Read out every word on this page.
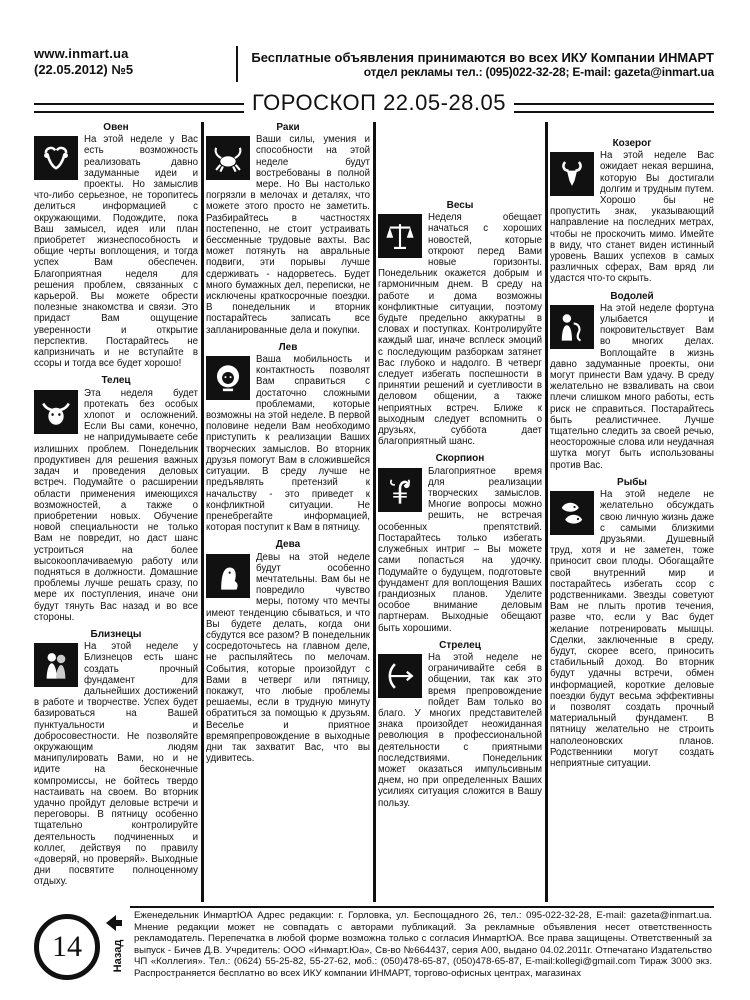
www.inmart.ua
(22.05.2012) №5
Бесплатные объявления принимаются во всех ИКУ Компании ИНМАРТ
отдел рекламы тел.: (095)022-32-28; E-mail: gazeta@inmart.ua
ГОРОСКОП 22.05-28.05
Овен
На этой неделе у Вас есть возможность реализовать давно задуманные идеи и проекты. Но замыслив что-либо серьезное, не торопитесь делиться информацией с окружающими. Подождите, пока Ваш замысел, идея или план приобретет жизнеспособность и общие черты воплощения, и тогда успех Вам обеспечен. Благоприятная неделя для решения проблем, связанных с карьерой. Вы можете обрести полезные знакомства и связи. Это придаст Вам ощущение уверенности и открытие перспектив. Постарайтесь не капризничать и не вступайте в ссоры и тогда все будет хорошо!
Телец
Эта неделя будет протекать без особых хлопот и осложнений. Если Вы сами, конечно, не напридумываете себе излишних проблем. Понедельник продуктивен для решения важных задач и проведения деловых встреч. Подумайте о расширении области применения имеющихся возможностей, а также о приобретении новых. Обучение новой специальности не только Вам не повредит, но даст шанс устроиться на более высокооплачиваемую работу или подняться в должности. Домашние проблемы лучше решать сразу, по мере их поступления, иначе они будут тянуть Вас назад и во все стороны.
Близнецы
На этой неделе у Близнецов есть шанс создать прочный фундамент для дальнейших достижений в работе и творчестве. Успех будет базироваться на Вашей пунктуальности и добросовестности. Не позволяйте окружающим людям манипулировать Вами, но и не идите на бесконечные компромиссы, не бойтесь твердо настаивать на своем. Во вторник удачно пройдут деловые встречи и переговоры. В пятницу особенно тщательно контролируйте деятельность подчиненных и коллег, действуя по правилу «доверяй, но проверяй». Выходные дни посвятите полноценному отдыху.
Раки
Ваши силы, умения и способности на этой неделе будут востребованы в полной мере. Но Вы настолько погрязли в мелочах и деталях, что можете этого просто не заметить. Разбирайтесь в частностях постепенно, не стоит устраивать бессменные трудовые вахты. Вас может потянуть на авральные подвиги, эти порывы лучше сдерживать - надорветесь. Будет много бумажных дел, переписки, не исключены краткосрочные поездки. В понедельник и вторник постарайтесь записать все запланированные дела и покупки.
Лев
Ваша мобильность и контактность позволят Вам справиться с достаточно сложными проблемами, которые возможны на этой неделе. В первой половине недели Вам необходимо приступить к реализации Ваших творческих замыслов. Во вторник друзья помогут Вам в сложившейся ситуации. В среду лучше не предъявлять претензий к начальству - это приведет к конфликтной ситуации. Не пренебрегайте информацией, которая поступит к Вам в пятницу.
Дева
Девы на этой неделе будут особенно мечтательны. Вам бы не повредило чувство меры, потому что мечты имеют тенденцию сбываться, и что Вы будете делать, когда они сбудутся все разом? В понедельник сосредоточьтесь на главном деле, не распыляйтесь по мелочам. События, которые произойдут с Вами в четверг или пятницу, покажут, что любые проблемы решаемы, если в трудную минуту обратиться за помощью к друзьям. Веселье и приятное времяпрепровождение в выходные дни так захватит Вас, что вы удивитесь.
Весы
Неделя обещает начаться с хороших новостей, которые откроют перед Вами новые горизонты. Понедельник окажется добрым и гармоничным днем. В среду на работе и дома возможны конфликтные ситуации, поэтому будьте предельно аккуратны в словах и поступках. Контролируйте каждый шаг, иначе всплеск эмоций с последующим разборкам затянет Вас глубоко и надолго. В четверг следует избегать поспешности в принятии решений и суетливости в деловом общении, а также неприятных встреч. Ближе к выходным следует вспомнить о друзьях, суббота дает благоприятный шанс.
Скорпион
Благоприятное время для реализации творческих замыслов. Многие вопросы можно решить, не встречая особенных препятствий. Постарайтесь только избегать служебных интриг – Вы можете сами попасться на удочку. Подумайте о будущем, подготовьте фундамент для воплощения Ваших грандиозных планов. Уделите особое внимание деловым партнерам. Выходные обещают быть хорошими.
Стрелец
На этой неделе не ограничивайте себя в общении, так как это время препровождение пойдет Вам только во благо. У многих представителей знака произойдет неожиданная революция в профессиональной деятельности с приятными последствиями. Понедельник может оказаться импульсивным днем, но при определенных Ваших усилиях ситуация сложится в Вашу пользу.
Козерог
На этой неделе Вас ожидает некая вершина, которую Вы достигали долгим и трудным путем. Хорошо бы не пропустить знак, указывающий направление на последних метрах, чтобы не проскочить мимо. Имейте в виду, что станет виден истинный уровень Ваших успехов в самых различных сферах, Вам вряд ли удастся что-то скрыть.
Водолей
На этой неделе фортуна улыбается и покровительствует Вам во многих делах. Воплощайте в жизнь давно задуманные проекты, они могут принести Вам удачу. В среду желательно не взваливать на свои плечи слишком много работы, есть риск не справиться. Постарайтесь быть реалистичнее. Лучше тщательно следить за своей речью, неосторожные слова или неудачная шутка могут быть использованы против Вас.
Рыбы
На этой неделе не желательно обсуждать свою личную жизнь даже с самыми близкими друзьями. Душевный труд, хотя и не заметен, тоже приносит свои плоды. Обогащайте свой внутренний мир и постарайтесь избегать ссор с родственниками. Звезды советуют Вам не плыть против течения, разве что, если у Вас будет желание потренировать мышцы. Сделки, заключенные в среду, будут, скорее всего, приносить стабильный доход. Во вторник будут удачны встречи, обмен информацией, короткие деловые поездки будут весьма эффективны и позволят создать прочный материальный фундамент. В пятницу желательно не строить наполеоновских планов. Родственники могут создать неприятные ситуации.
14	Назад
Еженедельник ИнмартЮА Адрес редакции: г. Горловка, ул. Беспощадного 26, тел.: 095-022-32-28, E-mail: gazeta@inmart.ua. Мнение редакции может не совпадать с авторами публикаций. За рекламные объявления несет ответственность рекламодатель. Перепечатка в любой форме возможна только с согласия ИнмартЮА. Все права защищены. Ответственный за выпуск - Бичев Д.В. Учредитель: ООО «Инмарт.Юа», Св-во №664437, серия А00, выдано 04.02.2011г. Отпечатано Издательство ЧП «Коллегия». Тел.: (0624) 55-25-82, 55-27-62, моб.: (050)478-65-87, (050)478-65-87, E-mail:kollegi@gmail.com Тираж 3000 экз. Распространяется бесплатно во всех ИКУ компании ИНМАРТ, торгово-офисных центрах, магазинах
